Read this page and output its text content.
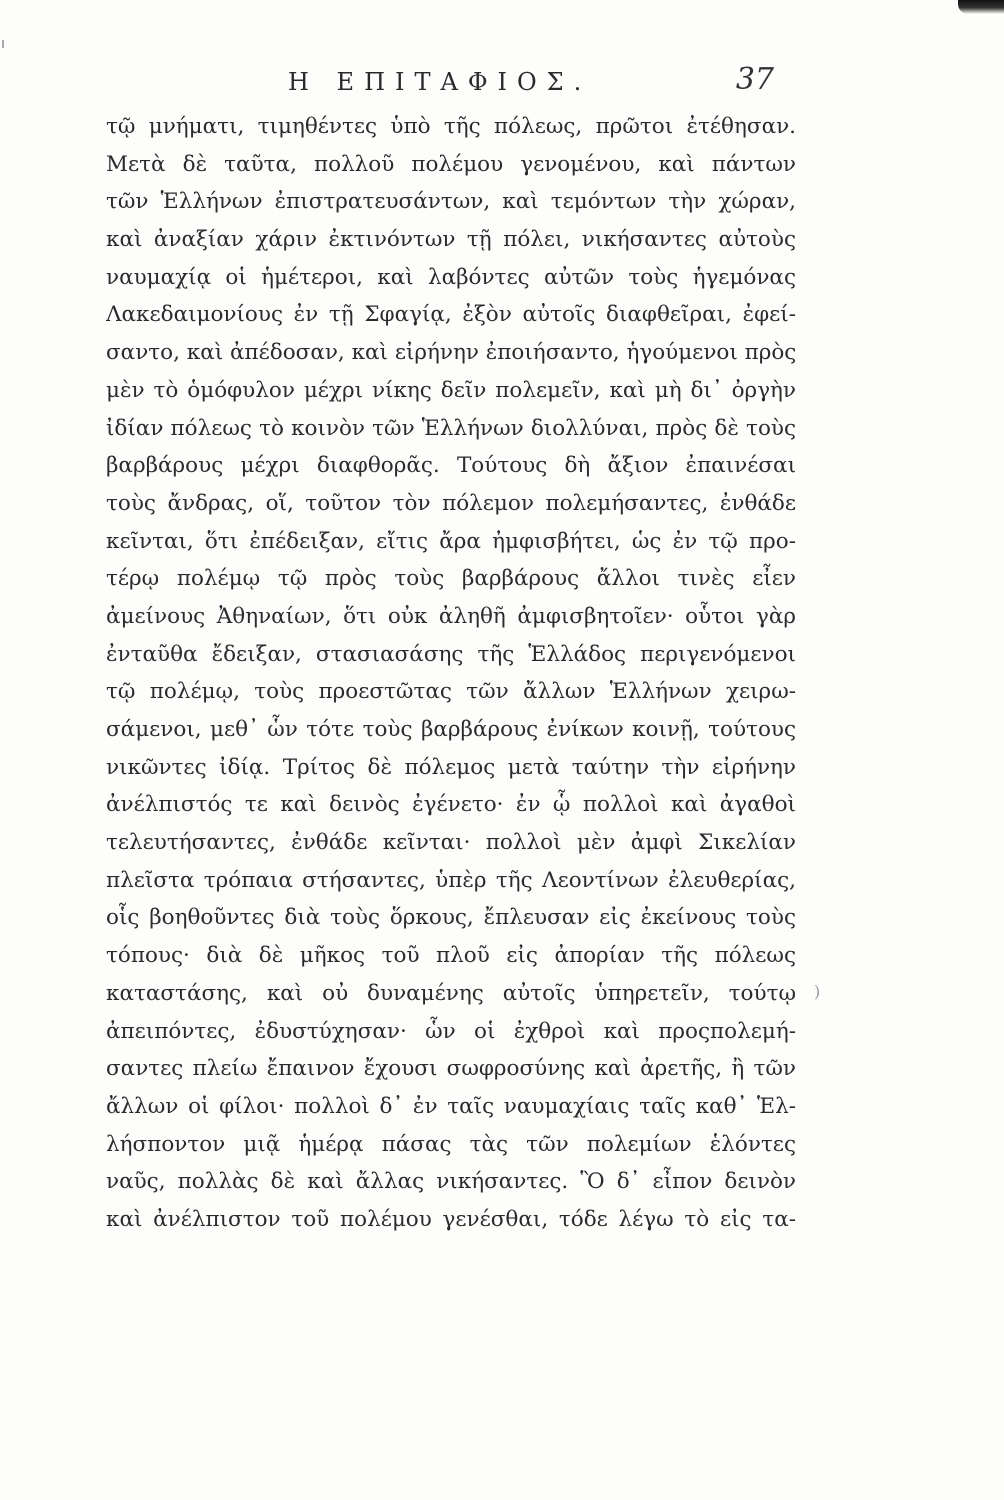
Η ΕΠΙΤΑΦΙΟΣ.	37
τῷ μνήματι, τιμηθέντες ὑπὸ τῆς πόλεως, πρῶτοι ἐτέθησαν.
Μετὰ δὲ ταῦτα, πολλοῦ πολέμου γενομένου, καὶ πάντων
τῶν Ἑλλήνων ἐπιστρατευσάντων, καὶ τεμόντων τὴν χώραν,
καὶ ἀναξίαν χάριν ἐκτινόντων τῇ πόλει, νικήσαντες αὐτοὺς
ναυμαχίᾳ οἱ ἡμέτεροι, καὶ λαβόντες αὐτῶν τοὺς ἡγεμόνας
Λακεδαιμονίους ἐν τῇ Σφαγίᾳ, ἐξὸν αὐτοῖς διαφθεῖραι, ἐφεί-
σαντο, καὶ ἀπέδοσαν, καὶ εἰρήνην ἐποιήσαντο, ἡγούμενοι πρὸς
μὲν τὸ ὁμόφυλον μέχρι νίκης δεῖν πολεμεῖν, καὶ μὴ δι᾽ ὀργὴν
ἰδίαν πόλεως τὸ κοινὸν τῶν Ἑλλήνων διολλύναι, πρὸς δὲ τοὺς
βαρβάρους μέχρι διαφθορᾶς. Τούτους δὴ ἄξιον ἐπαινέσαι
τοὺς ἄνδρας, οἵ, τοῦτον τὸν πόλεμον πολεμήσαντες, ἐνθάδε
κεῖνται, ὅτι ἐπέδειξαν, εἴτις ἄρα ἠμφισβήτει, ὡς ἐν τῷ προ-
τέρῳ πολέμῳ τῷ πρὸς τοὺς βαρβάρους ἄλλοι τινὲς εἶεν
ἀμείνους Ἀθηναίων, ὅτι οὐκ ἀληθῆ ἀμφισβητοῖεν· οὗτοι γὰρ
ἐνταῦθα ἔδειξαν, στασιασάσης τῆς Ἑλλάδος περιγενόμενοι
τῷ πολέμῳ, τοὺς προεστῶτας τῶν ἄλλων Ἑλλήνων χειρω-
σάμενοι, μεθ᾽ ὧν τότε τοὺς βαρβάρους ἐνίκων κοινῇ, τούτους
νικῶντες ἰδίᾳ. Τρίτος δὲ πόλεμος μετὰ ταύτην τὴν εἰρήνην
ἀνέλπιστός τε καὶ δεινὸς ἐγένετο· ἐν ᾧ πολλοὶ καὶ ἀγαθοὶ
τελευτήσαντες, ἐνθάδε κεῖνται· πολλοὶ μὲν ἀμφὶ Σικελίαν
πλεῖστα τρόπαια στήσαντες, ὑπὲρ τῆς Λεοντίνων ἐλευθερίας,
οἷς βοηθοῦντες διὰ τοὺς ὅρκους, ἔπλευσαν εἰς ἐκείνους τοὺς
τόπους· διὰ δὲ μῆκος τοῦ πλοῦ εἰς ἀπορίαν τῆς πόλεως
καταστάσης, καὶ οὐ δυναμένης αὐτοῖς ὑπηρετεῖν, τούτῳ
ἀπειπόντες, ἐδυστύχησαν· ὧν οἱ ἐχθροὶ καὶ προςπολεμή-
σαντες πλείω ἔπαινον ἔχουσι σωφροσύνης καὶ ἀρετῆς, ἢ τῶν
ἄλλων οἱ φίλοι· πολλοὶ δ᾽ ἐν ταῖς ναυμαχίαις ταῖς καθ᾽ Ἑλ-
λήσποντον μιᾷ ἡμέρᾳ πάσας τὰς τῶν πολεμίων ἑλόντες
ναῦς, πολλὰς δὲ καὶ ἄλλας νικήσαντες. Ὃ δ᾽ εἶπον δεινὸν
καὶ ἀνέλπιστον τοῦ πολέμου γενέσθαι, τόδε λέγω τὸ εἰς τα-
)
